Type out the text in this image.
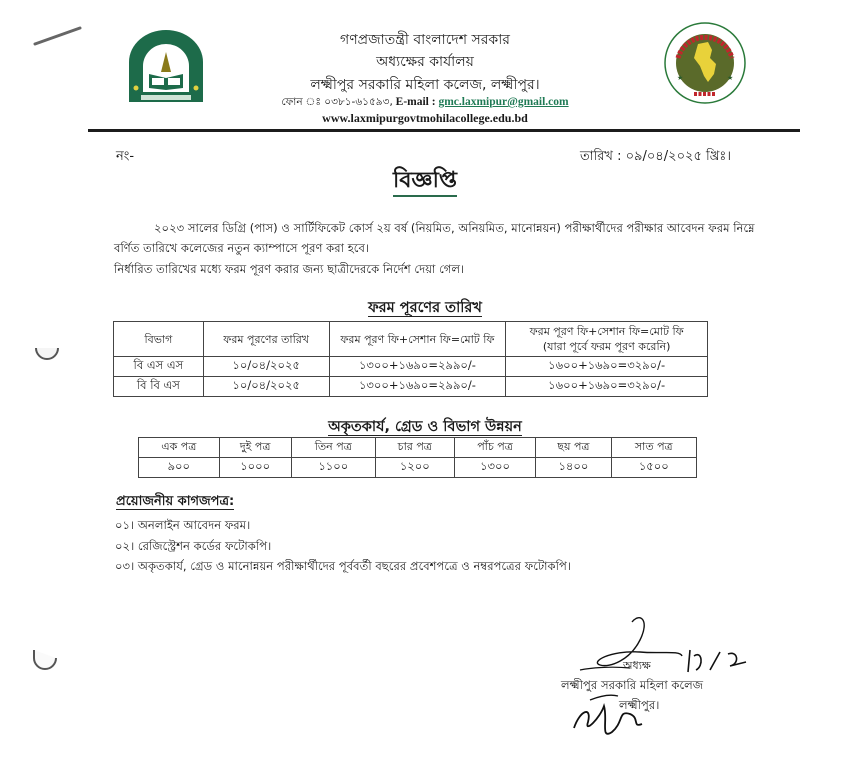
★	★
গণপ্রজাতন্ত্রী বাংলাদেশ সরকার
অধ্যক্ষের কার্যালয়
লক্ষ্মীপুর সরকারি মহিলা কলেজ, লক্ষ্মীপুর।
ফোন ঃ ০৩৮১-৬১৫৯৩, E-mail : gmc.laxmipur@gmail.com
www.laxmipurgovtmohilacollege.edu.bd
নং-	তারিখ : ০৯/০৪/২০২৫ খ্রিঃ।
বিজ্ঞপ্তি
২০২৩ সালের ডিগ্রি (পাস) ও সার্টিফিকেট কোর্স ২য় বর্ষ (নিয়মিত, অনিয়মিত, মানোন্নয়ন) পরীক্ষার্থীদের পরীক্ষার আবেদন ফরম নিম্নে বর্ণিত তারিখে কলেজের নতুন ক্যাম্পাসে পূরণ করা হবে।
নির্ধারিত তারিখের মধ্যে ফরম পূরণ করার জন্য ছাত্রীদেরকে নির্দেশ দেয়া গেল।
ফরম পূরণের তারিখ
বিভাগ	ফরম পূরণের তারিখ	ফরম পূরণ ফি+সেশান ফি=মোট ফি	ফরম পূরণ ফি+সেশান ফি=মোট ফি
(যারা পূর্বে ফরম পূরণ করেনি)

বি এস এস	১০/০৪/২০২৫	১৩০০+১৬৯০=২৯৯০/-	১৬০০+১৬৯০=৩২৯০/-
বি বি এস	১০/০৪/২০২৫	১৩০০+১৬৯০=২৯৯০/-	১৬০০+১৬৯০=৩২৯০/-
অকৃতকার্য, গ্রেড ও বিভাগ উন্নয়ন
এক পত্র	দুই পত্র	তিন পত্র	চার পত্র	পাঁচ পত্র	ছয় পত্র	সাত পত্র
৯০০	১০০০	১১০০	১২০০	১৩০০	১৪০০	১৫০০
প্রয়োজনীয় কাগজপত্র:
০১। অনলাইন আবেদন ফরম।
০২। রেজিস্ট্রেশন কর্ডের ফটোকপি।
০৩। অকৃতকার্য, গ্রেড ও মানোন্নয়ন পরীক্ষার্থীদের পূর্ববর্তী বছরের প্রবেশপত্রে ও নম্বরপত্রের ফটোকপি।
অধ্যক্ষ
লক্ষ্মীপুর সরকারি মহিলা কলেজ
লক্ষ্মীপুর।
